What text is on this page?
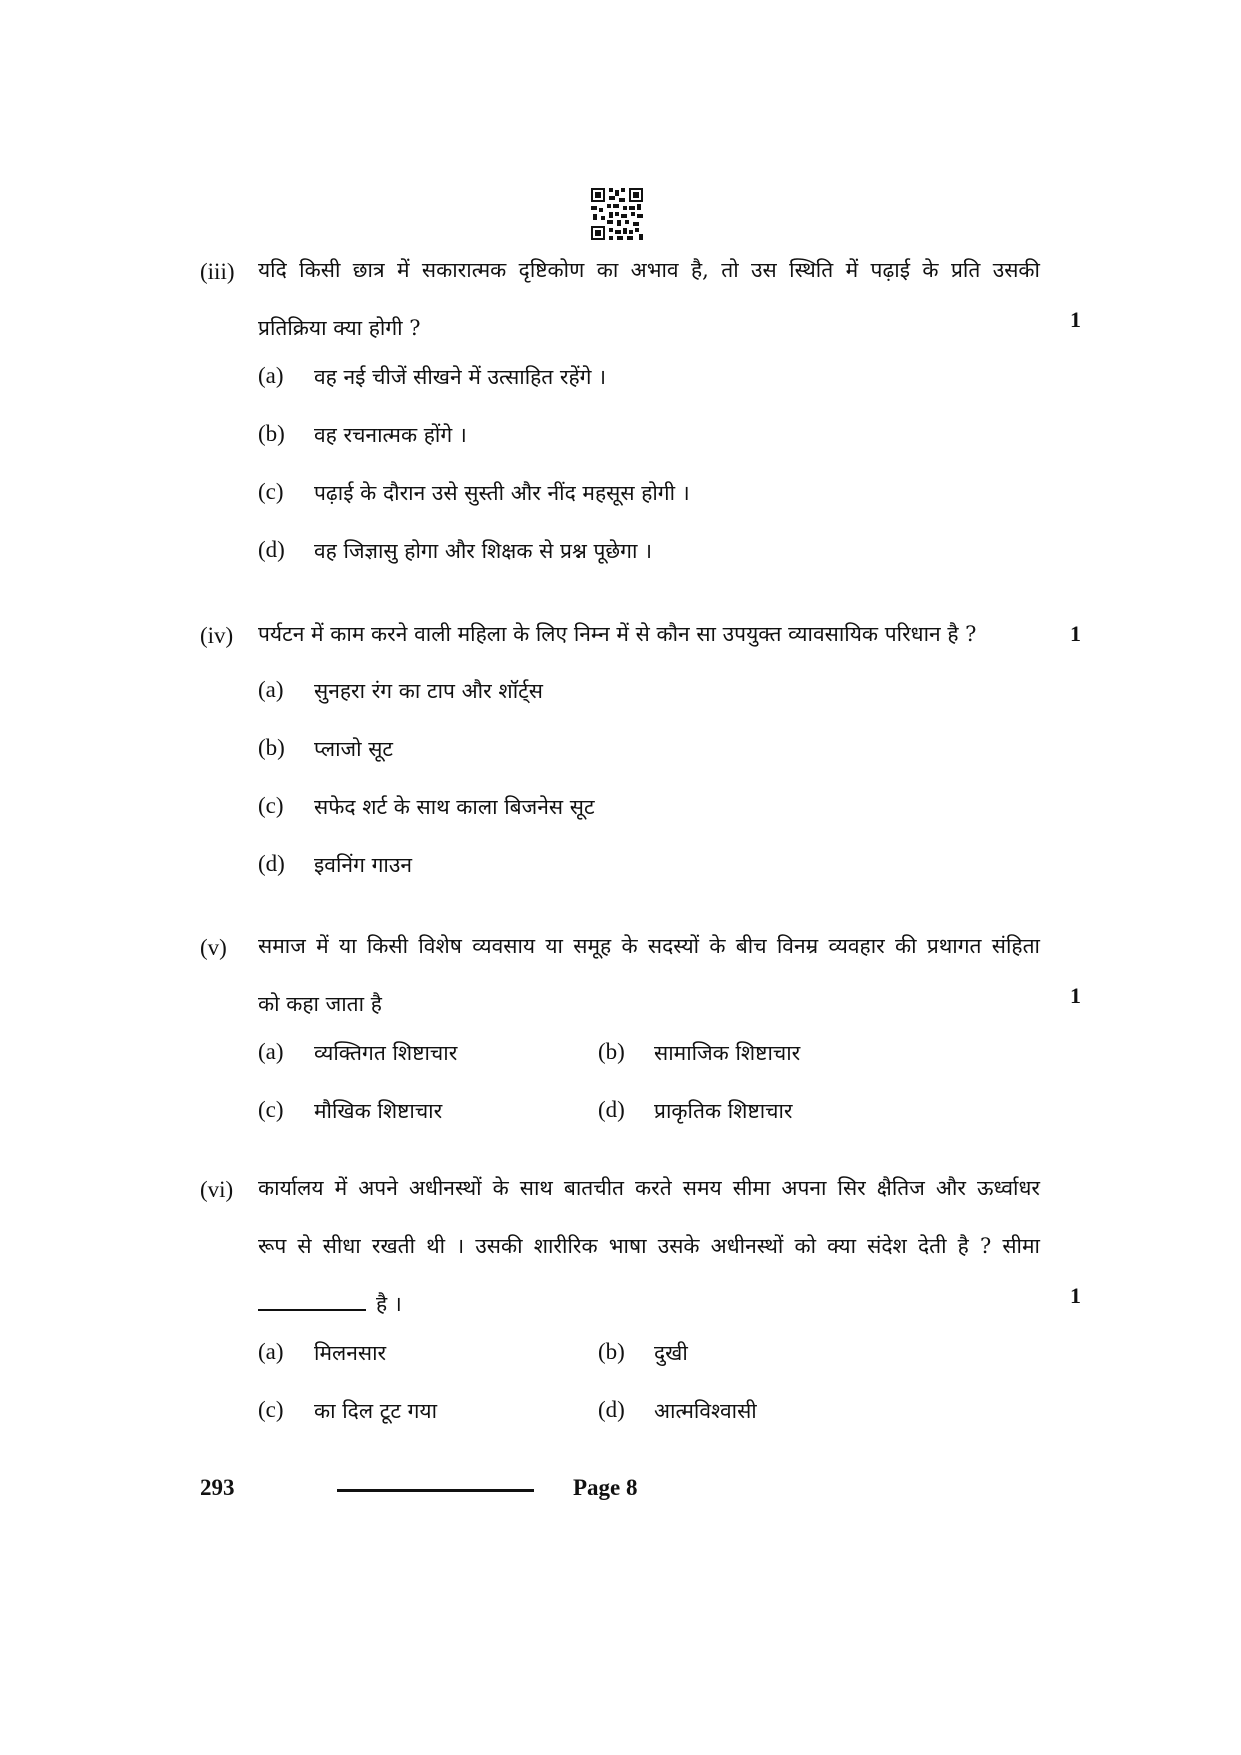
(iii) यदि किसी छात्र में सकारात्मक दृष्टिकोण का अभाव है, तो उस स्थिति में पढ़ाई के प्रति उसकी

प्रतिक्रिया क्या होगी ?	1
(a) वह नई चीजें सीखने में उत्साहित रहेंगे ।
(b) वह रचनात्मक होंगे ।
(c) पढ़ाई के दौरान उसे सुस्ती और नींद महसूस होगी ।
(d) वह जिज्ञासु होगा और शिक्षक से प्रश्न पूछेगा ।
(iv) पर्यटन में काम करने वाली महिला के लिए निम्न में से कौन सा उपयुक्त व्यावसायिक परिधान है ?	1
(a) सुनहरा रंग का टाप और शॉर्ट्स
(b) प्लाजो सूट
(c) सफेद शर्ट के साथ काला बिजनेस सूट
(d) इवनिंग गाउन
(v) समाज में या किसी विशेष व्यवसाय या समूह के सदस्यों के बीच विनम्र व्यवहार की प्रथागत संहिता

को कहा जाता है	1
(a) व्यक्तिगत शिष्टाचार	(b) सामाजिक शिष्टाचार
(c) मौखिक शिष्टाचार	(d) प्राकृतिक शिष्टाचार
(vi) कार्यालय में अपने अधीनस्थों के साथ बातचीत करते समय सीमा अपना सिर क्षैतिज और ऊर्ध्वाधर

रूप से सीधा रखती थी । उसकी शारीरिक भाषा उसके अधीनस्थों को क्या संदेश देती है ? सीमा

है ।	1
(a) मिलनसार	(b) दुखी
(c) का दिल टूट गया	(d) आत्मविश्वासी
293	Page 8
